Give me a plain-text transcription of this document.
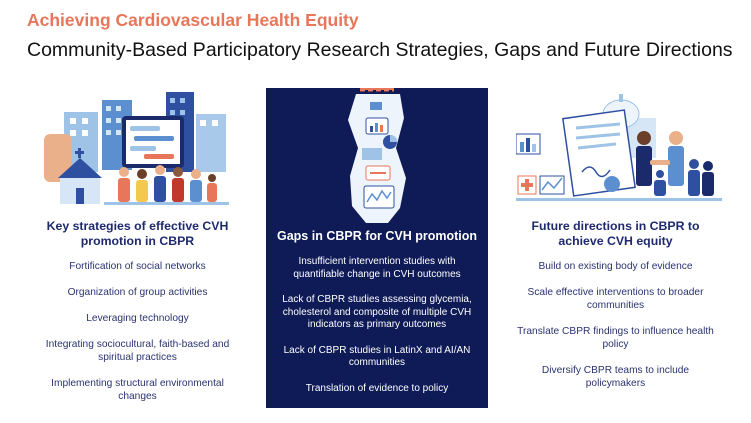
Achieving Cardiovascular Health Equity
Community-Based Participatory Research Strategies, Gaps and Future Directions
Gaps in CBPR for CVH promotion
Insufficient intervention studies with quantifiable change in CVH outcomes
Lack of CBPR studies assessing glycemia, cholesterol and composite of multiple CVH indicators as primary outcomes
Lack of CBPR studies in LatinX and AI/AN communities
Translation of evidence to policy
Key strategies of effective CVH promotion in CBPR
Fortification of social networks
Organization of group activities
Leveraging technology
Integrating sociocultural, faith-based and spiritual practices
Implementing structural environmental changes
Future directions in CBPR to achieve CVH equity
Build on existing body of evidence
Scale effective interventions to broader communities
Translate CBPR findings to influence health policy
Diversify CBPR teams to include policymakers
